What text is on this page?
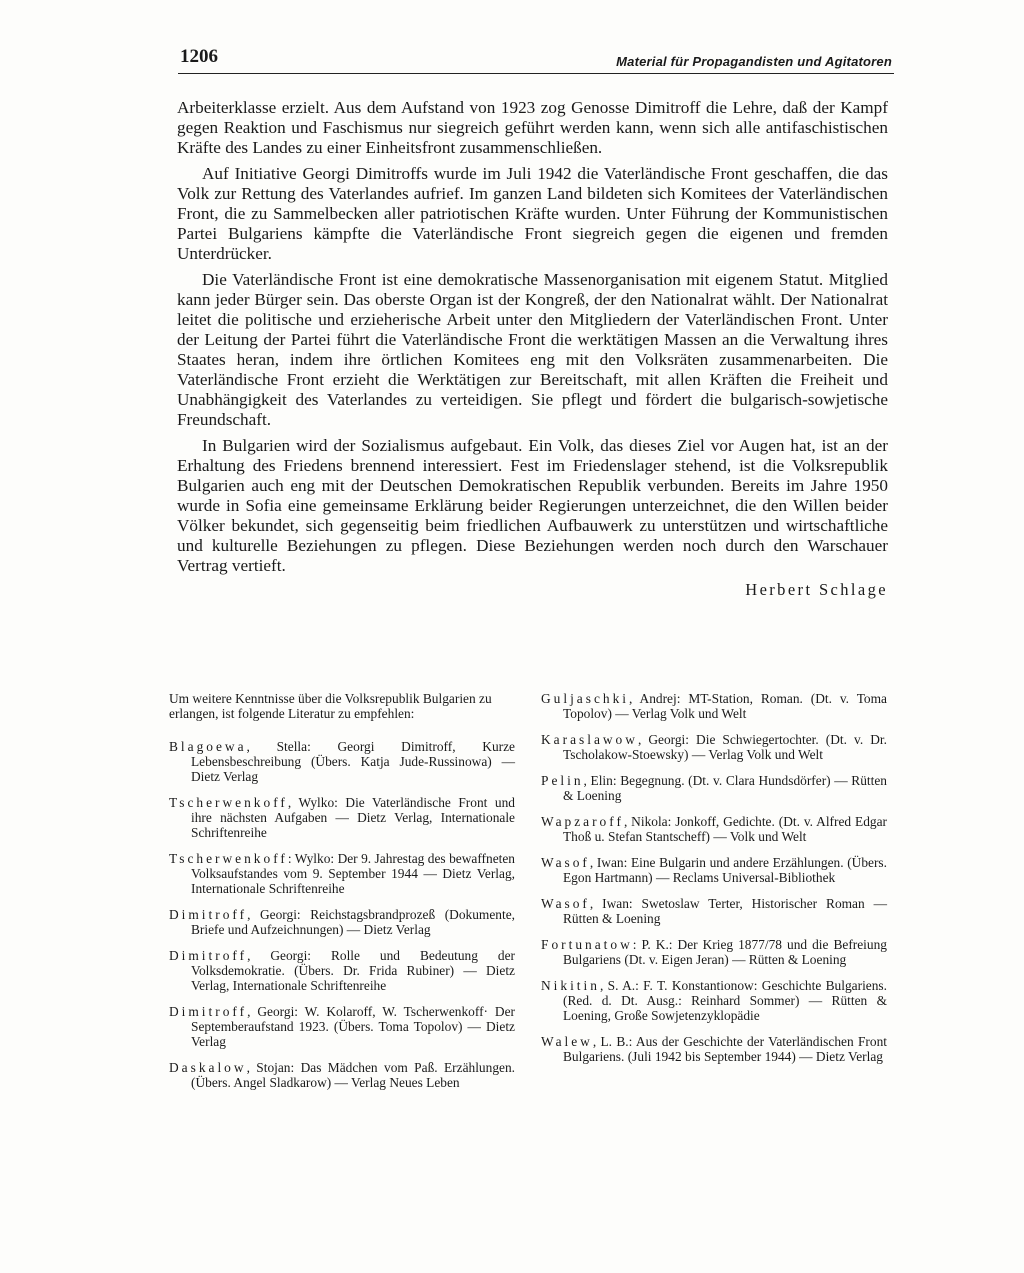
1206	Material für Propagandisten und Agitatoren

Arbeiterklasse erzielt. Aus dem Aufstand von 1923 zog Genosse Dimitroff die Lehre, daß der Kampf gegen Reaktion und Faschismus nur siegreich geführt werden kann, wenn sich alle antifaschistischen Kräfte des Landes zu einer Einheitsfront zusammenschließen.

Auf Initiative Georgi Dimitroffs wurde im Juli 1942 die Vaterländische Front geschaffen, die das Volk zur Rettung des Vaterlandes aufrief. Im ganzen Land bildeten sich Komitees der Vaterländischen Front, die zu Sammelbecken aller patriotischen Kräfte wurden. Unter Führung der Kommunistischen Partei Bulgariens kämpfte die Vaterländische Front siegreich gegen die eigenen und fremden Unterdrücker.

Die Vaterländische Front ist eine demokratische Massenorganisation mit eigenem Statut. Mitglied kann jeder Bürger sein. Das oberste Organ ist der Kongreß, der den Nationalrat wählt. Der Nationalrat leitet die politische und erzieherische Arbeit unter den Mitgliedern der Vaterländischen Front. Unter der Leitung der Partei führt die Vaterländische Front die werktätigen Massen an die Verwaltung ihres Staates heran, indem ihre örtlichen Komitees eng mit den Volksräten zusammenarbeiten. Die Vaterländische Front erzieht die Werktätigen zur Bereitschaft, mit allen Kräften die Freiheit und Unabhängigkeit des Vaterlandes zu verteidigen. Sie pflegt und fördert die bulgarisch-sowjetische Freundschaft.

In Bulgarien wird der Sozialismus aufgebaut. Ein Volk, das dieses Ziel vor Augen hat, ist an der Erhaltung des Friedens brennend interessiert. Fest im Friedenslager stehend, ist die Volksrepublik Bulgarien auch eng mit der Deutschen Demokratischen Republik verbunden. Bereits im Jahre 1950 wurde in Sofia eine gemeinsame Erklärung beider Regierungen unterzeichnet, die den Willen beider Völker bekundet, sich gegenseitig beim friedlichen Aufbauwerk zu unterstützen und wirtschaftliche und kulturelle Beziehungen zu pflegen. Diese Beziehungen werden noch durch den Warschauer Vertrag vertieft.

Herbert Schlage

Um weitere Kenntnisse über die Volksrepublik Bulgarien zu erlangen, ist folgende Literatur zu empfehlen:

Blagoewa, Stella: Georgi Dimitroff, Kurze Lebensbeschreibung (Übers. Katja Jude-Russinowa) — Dietz Verlag

Tscherwenkoff, Wylko: Die Vaterländische Front und ihre nächsten Aufgaben — Dietz Verlag, Internationale Schriftenreihe

Tscherwenkoff: Wylko: Der 9. Jahrestag des bewaffneten Volksaufstandes vom 9. September 1944 — Dietz Verlag, Internationale Schriftenreihe

Dimitroff, Georgi: Reichstagsbrandprozeß (Dokumente, Briefe und Aufzeichnungen) — Dietz Verlag

Dimitroff, Georgi: Rolle und Bedeutung der Volksdemokratie. (Übers. Dr. Frida Rubiner) — Dietz Verlag, Internationale Schriftenreihe

Dimitroff, Georgi: W. Kolaroff, W. Tscherwenkoff· Der Septemberaufstand 1923. (Übers. Toma Topolov) — Dietz Verlag

Daskalow, Stojan: Das Mädchen vom Paß. Erzählungen. (Übers. Angel Sladkarow) — Verlag Neues Leben

Guljaschki, Andrej: MT-Station, Roman. (Dt. v. Toma Topolov) — Verlag Volk und Welt

Karaslawow, Georgi: Die Schwiegertochter. (Dt. v. Dr. Tscholakow-Stoewsky) — Verlag Volk und Welt

Pelin, Elin: Begegnung. (Dt. v. Clara Hundsdörfer) — Rütten & Loening

Wapzaroff, Nikola: Jonkoff, Gedichte. (Dt. v. Alfred Edgar Thoß u. Stefan Stantscheff) — Volk und Welt

Wasof, Iwan: Eine Bulgarin und andere Erzählungen. (Übers. Egon Hartmann) — Reclams Universal-Bibliothek

Wasof, Iwan: Swetoslaw Terter, Historischer Roman — Rütten & Loening

Fortunatow: P. K.: Der Krieg 1877/78 und die Befreiung Bulgariens (Dt. v. Eigen Jeran) — Rütten & Loening

Nikitin, S. A.: F. T. Konstantionow: Geschichte Bulgariens. (Red. d. Dt. Ausg.: Reinhard Sommer) — Rütten & Loening, Große Sowjetenzyklopädie

Walew, L. B.: Aus der Geschichte der Vaterländischen Front Bulgariens. (Juli 1942 bis September 1944) — Dietz Verlag
